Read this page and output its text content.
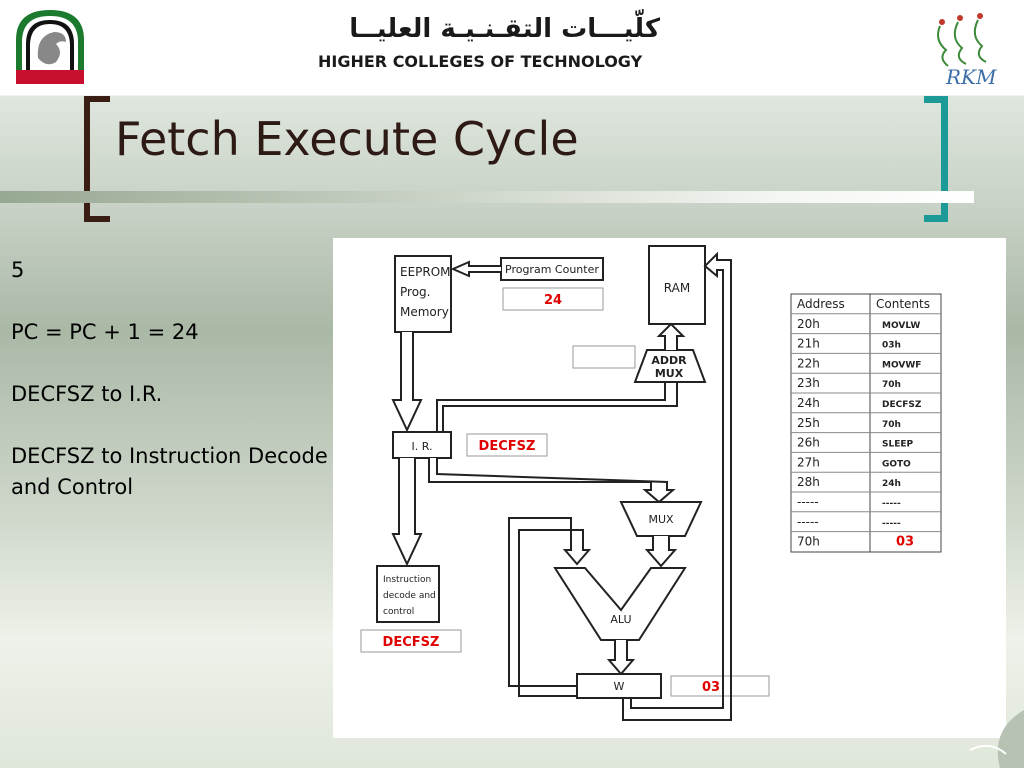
كلّيـــات التقـنـيـة العليــا
HIGHER COLLEGES OF TECHNOLOGY
RKM
Fetch Execute Cycle
5
PC = PC + 1 = 24
DECFSZ to I.R.
DECFSZ to Instruction Decode and Control
EEPROM
Prog.
Memory
Program Counter
24
RAM
ADDR
MUX
I. R.	DECFSZ
MUX
ALU
W	03
Instruction
decode and
control
DECFSZ
Address	Contents
20h	MOVLW
21h	03h
22h	MOVWF
23h	70h
24h	DECFSZ
25h	70h
26h	SLEEP
27h	GOTO
28h	24h
-----	-----
-----	-----
70h	03
